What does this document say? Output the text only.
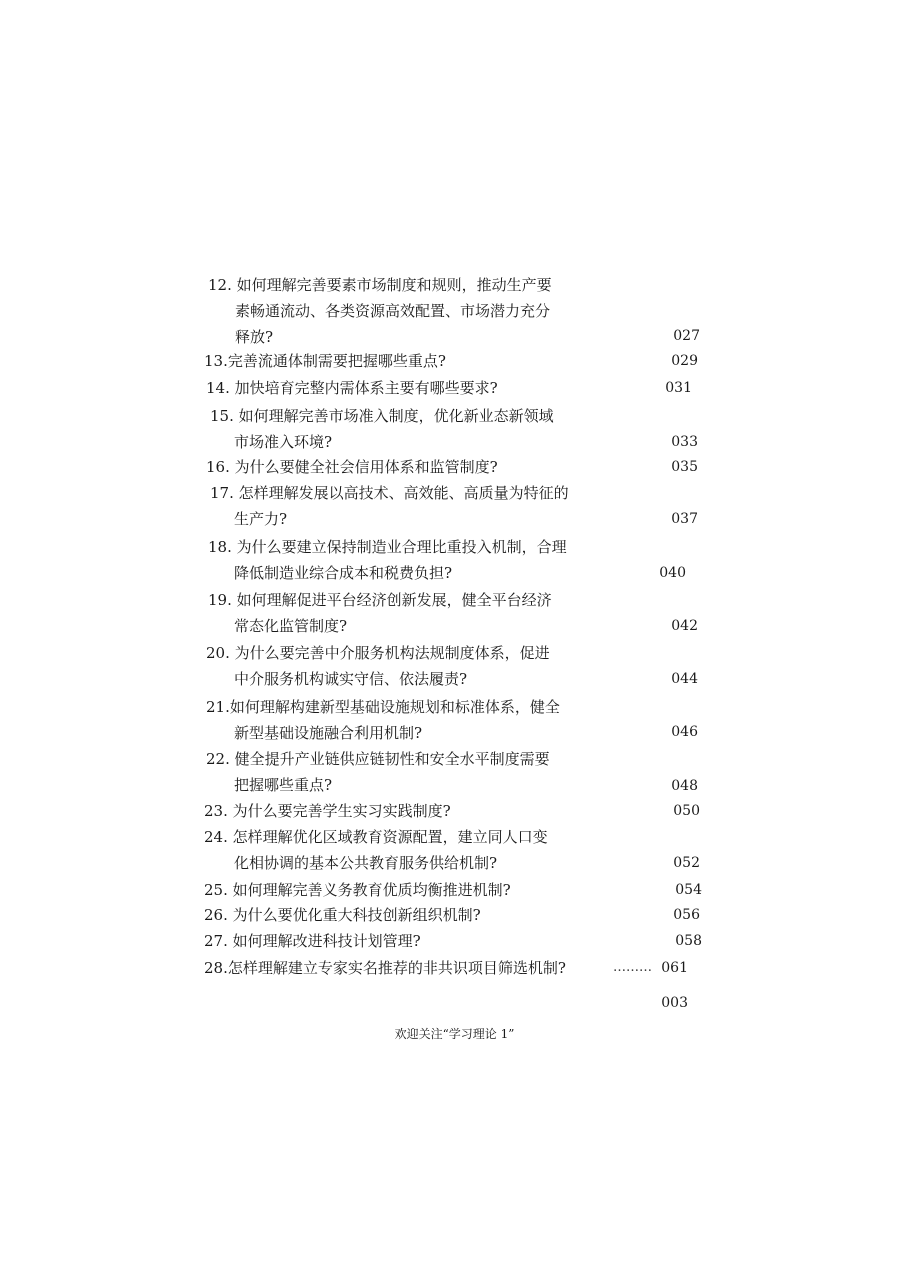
12. 如何理解完善要素市场制度和规则，推动生产要
素畅通流动、各类资源高效配置、市场潜力充分
释放?	027
13.完善流通体制需要把握哪些重点?	029
14. 加快培育完整内需体系主要有哪些要求?	031
15. 如何理解完善市场准入制度，优化新业态新领域
市场准入环境?	033
16. 为什么要健全社会信用体系和监管制度?	035
17. 怎样理解发展以高技术、高效能、高质量为特征的
生产力?	037
18. 为什么要建立保持制造业合理比重投入机制，合理
降低制造业综合成本和税费负担?	040
19. 如何理解促进平台经济创新发展，健全平台经济
常态化监管制度?	042
20. 为什么要完善中介服务机构法规制度体系，促进
中介服务机构诚实守信、依法履责?	044
21.如何理解构建新型基础设施规划和标准体系，健全
新型基础设施融合利用机制?	046
22. 健全提升产业链供应链韧性和安全水平制度需要
把握哪些重点?	048
23. 为什么要完善学生实习实践制度?	050
24. 怎样理解优化区域教育资源配置，建立同人口变
化相协调的基本公共教育服务供给机制?	052
25. 如何理解完善义务教育优质均衡推进机制?	054
26. 为什么要优化重大科技创新组织机制?	056
27. 如何理解改进科技计划管理?	058
28.怎样理解建立专家实名推荐的非共识项目筛选机制?	……… 061
003
欢迎关注“学习理论 1”
